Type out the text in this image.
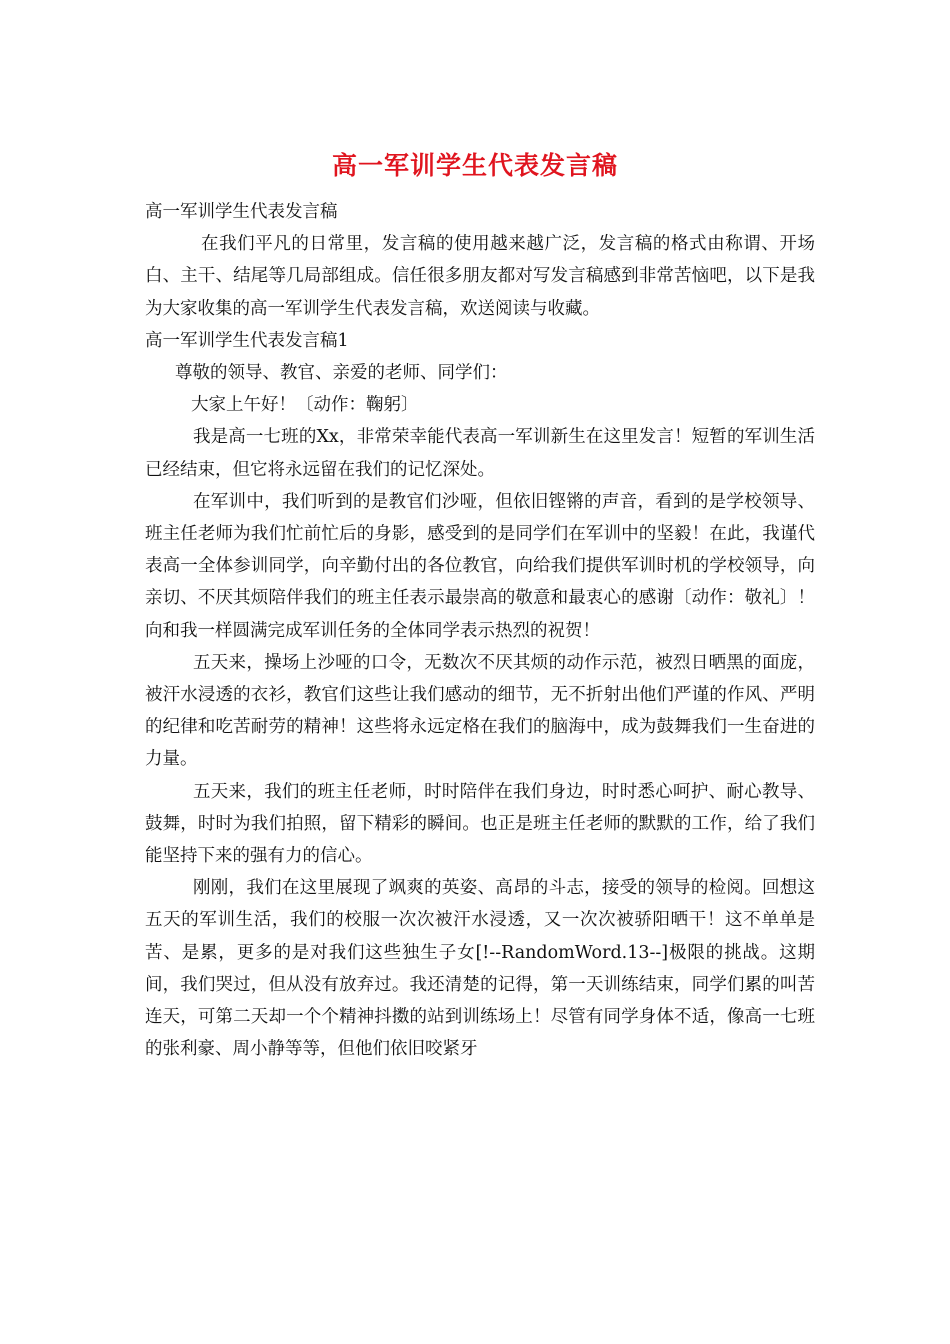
高一军训学生代表发言稿

高一军训学生代表发言稿

在我们平凡的日常里，发言稿的使用越来越广泛，发言稿的格式由称谓、开场白、主干、结尾等几局部组成。信任很多朋友都对写发言稿感到非常苦恼吧，以下是我为大家收集的高一军训学生代表发言稿，欢送阅读与收藏。

高一军训学生代表发言稿1

尊敬的领导、教官、亲爱的老师、同学们：

大家上午好！〔动作：鞠躬〕

我是高一七班的Xx，非常荣幸能代表高一军训新生在这里发言！短暂的军训生活已经结束，但它将永远留在我们的记忆深处。

在军训中，我们听到的是教官们沙哑，但依旧铿锵的声音，看到的是学校领导、班主任老师为我们忙前忙后的身影，感受到的是同学们在军训中的坚毅！在此，我谨代表高一全体参训同学，向辛勤付出的各位教官，向给我们提供军训时机的学校领导，向亲切、不厌其烦陪伴我们的班主任表示最崇高的敬意和最衷心的感谢〔动作：敬礼〕！向和我一样圆满完成军训任务的全体同学表示热烈的祝贺！

五天来，操场上沙哑的口令，无数次不厌其烦的动作示范，被烈日晒黑的面庞，被汗水浸透的衣衫，教官们这些让我们感动的细节，无不折射出他们严谨的作风、严明的纪律和吃苦耐劳的精神！这些将永远定格在我们的脑海中，成为鼓舞我们一生奋进的力量。

五天来，我们的班主任老师，时时陪伴在我们身边，时时悉心呵护、耐心教导、鼓舞，时时为我们拍照，留下精彩的瞬间。也正是班主任老师的默默的工作，给了我们能坚持下来的强有力的信心。

刚刚，我们在这里展现了飒爽的英姿、高昂的斗志，接受的领导的检阅。回想这五天的军训生活，我们的校服一次次被汗水浸透，又一次次被骄阳晒干！这不单单是苦、是累，更多的是对我们这些独生子女[!--RandomWord.13--]极限的挑战。这期间，我们哭过，但从没有放弃过。我还清楚的记得，第一天训练结束，同学们累的叫苦连天，可第二天却一个个精神抖擞的站到训练场上！尽管有同学身体不适，像高一七班的张利豪、周小静等等，但他们依旧咬紧牙
